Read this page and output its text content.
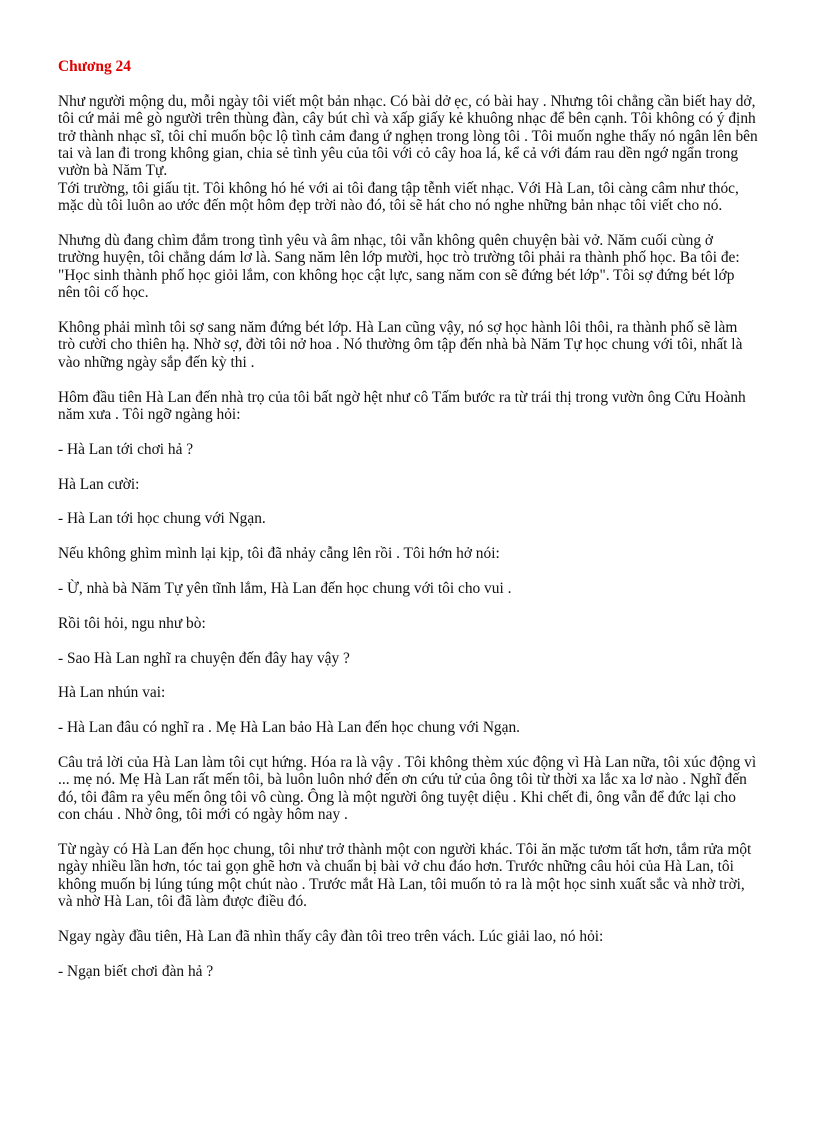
Chương 24

Như người mộng du, mỗi ngày tôi viết một bản nhạc. Có bài dở ẹc, có bài hay . Nhưng tôi chẳng cần biết hay dở, tôi cứ mải mê gò người trên thùng đàn, cây bút chì và xấp giấy kẻ khuông nhạc để bên cạnh. Tôi không có ý định trở thành nhạc sĩ, tôi chỉ muốn bộc lộ tình cảm đang ứ nghẹn trong lòng tôi . Tôi muốn nghe thấy nó ngân lên bên tai và lan đi trong không gian, chia sẻ tình yêu của tôi với cỏ cây hoa lá, kể cả với đám rau dền ngớ ngẩn trong vườn bà Năm Tự.

Tới trường, tôi giấu tịt. Tôi không hó hé với ai tôi đang tập tễnh viết nhạc. Với Hà Lan, tôi càng câm như thóc, mặc dù tôi luôn ao ước đến một hôm đẹp trời nào đó, tôi sẽ hát cho nó nghe những bản nhạc tôi viết cho nó.

Nhưng dù đang chìm đắm trong tình yêu và âm nhạc, tôi vẫn không quên chuyện bài vở. Năm cuối cùng ở trường huyện, tôi chẳng dám lơ là. Sang năm lên lớp mười, học trò trường tôi phải ra thành phố học. Ba tôi đe: "Học sinh thành phố học giỏi lắm, con không học cật lực, sang năm con sẽ đứng bét lớp". Tôi sợ đứng bét lớp nên tôi cố học.

Không phải mình tôi sợ sang năm đứng bét lớp. Hà Lan cũng vậy, nó sợ học hành lôi thôi, ra thành phố sẽ làm trò cười cho thiên hạ. Nhờ sợ, đời tôi nở hoa . Nó thường ôm tập đến nhà bà Năm Tự học chung với tôi, nhất là vào những ngày sắp đến kỳ thi .

Hôm đầu tiên Hà Lan đến nhà trọ của tôi bất ngờ hệt như cô Tấm bước ra từ trái thị trong vườn ông Cửu Hoành năm xưa . Tôi ngỡ ngàng hỏi:

- Hà Lan tới chơi hả ?

Hà Lan cười:

- Hà Lan tới học chung với Ngạn.

Nếu không ghìm mình lại kịp, tôi đã nhảy cẫng lên rồi . Tôi hớn hở nói:

- Ừ, nhà bà Năm Tự yên tĩnh lắm, Hà Lan đến học chung với tôi cho vui .

Rồi tôi hỏi, ngu như bò:

- Sao Hà Lan nghĩ ra chuyện đến đây hay vậy ?

Hà Lan nhún vai:

- Hà Lan đâu có nghĩ ra . Mẹ Hà Lan bảo Hà Lan đến học chung với Ngạn.

Câu trả lời của Hà Lan làm tôi cụt hứng. Hóa ra là vậy . Tôi không thèm xúc động vì Hà Lan nữa, tôi xúc động vì ... mẹ nó. Mẹ Hà Lan rất mến tôi, bà luôn luôn nhớ đến ơn cứu tử của ông tôi từ thời xa lắc xa lơ nào . Nghĩ đến đó, tôi đâm ra yêu mến ông tôi vô cùng. Ông là một người ông tuyệt diệu . Khi chết đi, ông vẫn để đức lại cho con cháu . Nhờ ông, tôi mới có ngày hôm nay .

Từ ngày có Hà Lan đến học chung, tôi như trở thành một con người khác. Tôi ăn mặc tươm tất hơn, tắm rửa một ngày nhiều lần hơn, tóc tai gọn ghẽ hơn và chuẩn bị bài vở chu đáo hơn. Trước những câu hỏi của Hà Lan, tôi không muốn bị lúng túng một chút nào . Trước mắt Hà Lan, tôi muốn tỏ ra là một học sinh xuất sắc và nhờ trời, và nhờ Hà Lan, tôi đã làm được điều đó.

Ngay ngày đầu tiên, Hà Lan đã nhìn thấy cây đàn tôi treo trên vách. Lúc giải lao, nó hỏi:

- Ngạn biết chơi đàn hả ?
